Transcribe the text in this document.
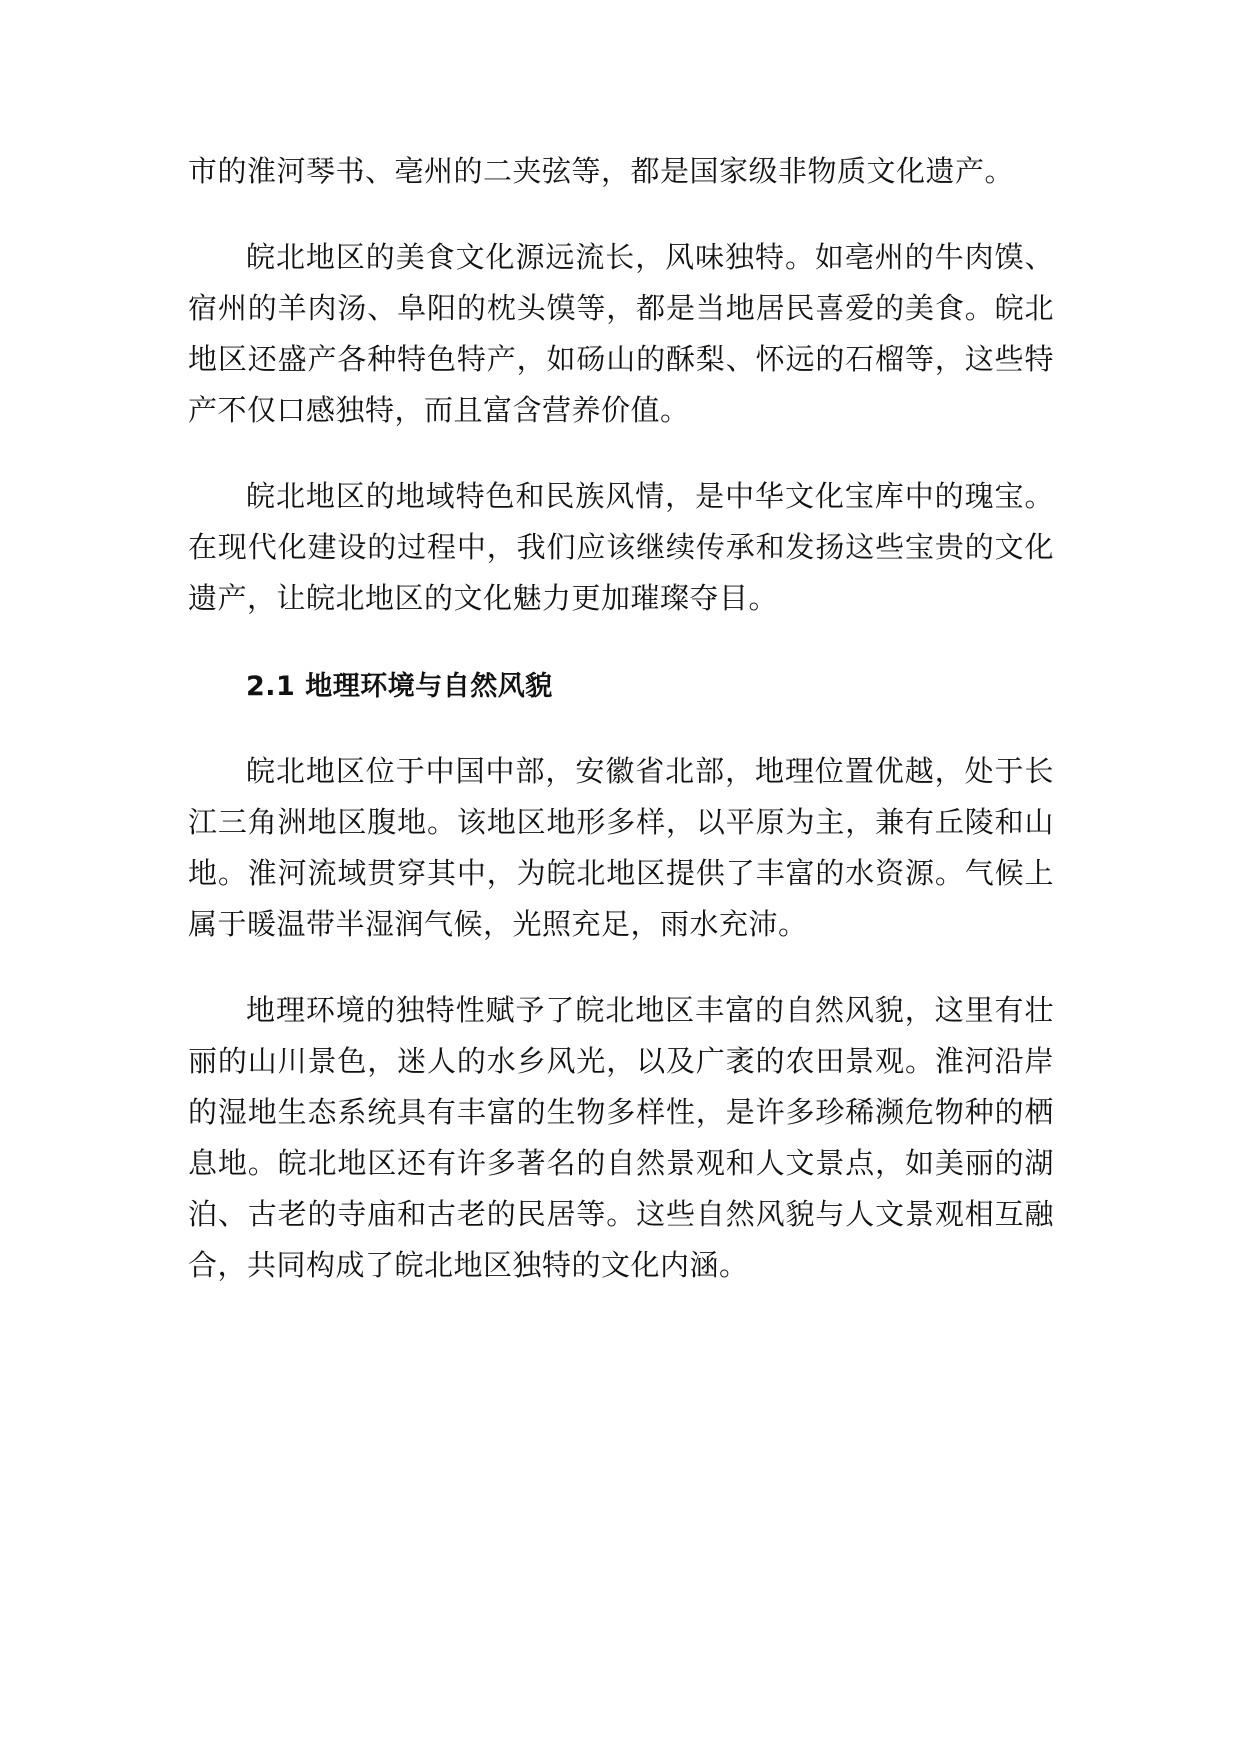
市的淮河琴书、亳州的二夹弦等，都是国家级非物质文化遗产。

皖北地区的美食文化源远流长，风味独特。如亳州的牛肉馍、宿州的羊肉汤、阜阳的枕头馍等，都是当地居民喜爱的美食。皖北地区还盛产各种特色特产，如砀山的酥梨、怀远的石榴等，这些特产不仅口感独特，而且富含营养价值。

皖北地区的地域特色和民族风情，是中华文化宝库中的瑰宝。在现代化建设的过程中，我们应该继续传承和发扬这些宝贵的文化遗产，让皖北地区的文化魅力更加璀璨夺目。

2.1 地理环境与自然风貌

皖北地区位于中国中部，安徽省北部，地理位置优越，处于长江三角洲地区腹地。该地区地形多样，以平原为主，兼有丘陵和山地。淮河流域贯穿其中，为皖北地区提供了丰富的水资源。气候上属于暖温带半湿润气候，光照充足，雨水充沛。

地理环境的独特性赋予了皖北地区丰富的自然风貌，这里有壮丽的山川景色，迷人的水乡风光，以及广袤的农田景观。淮河沿岸的湿地生态系统具有丰富的生物多样性，是许多珍稀濒危物种的栖息地。皖北地区还有许多著名的自然景观和人文景点，如美丽的湖泊、古老的寺庙和古老的民居等。这些自然风貌与人文景观相互融合，共同构成了皖北地区独特的文化内涵。
